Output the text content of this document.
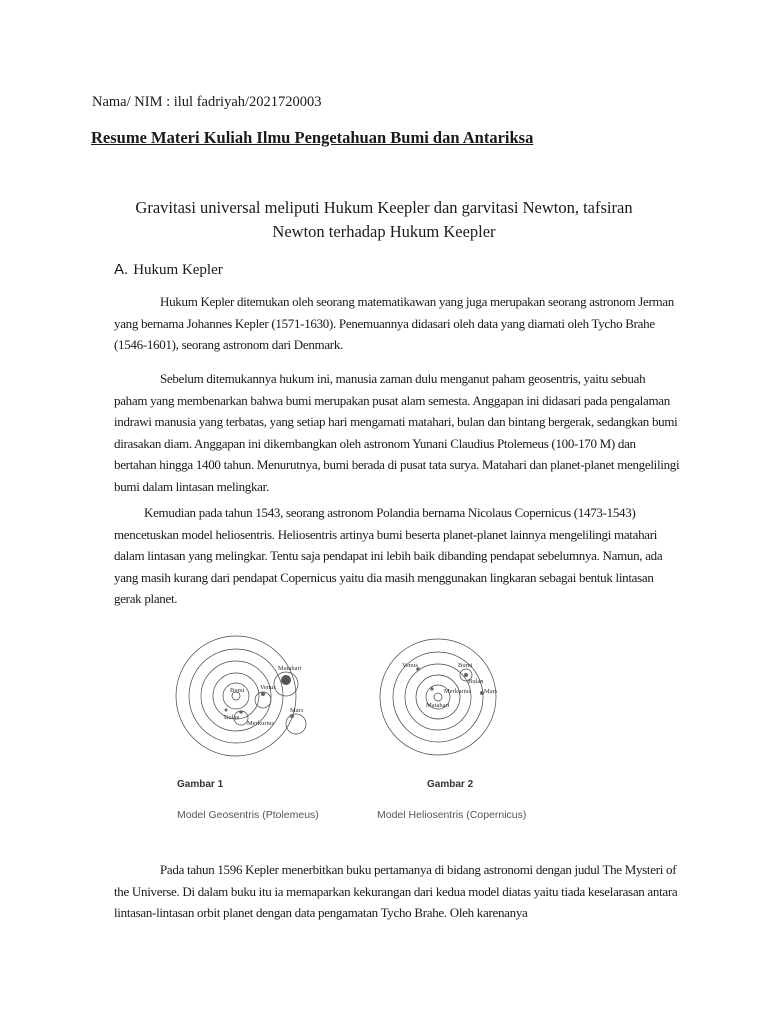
Nama/ NIM : ilul fadriyah/2021720003
Resume Materi Kuliah Ilmu Pengetahuan Bumi dan Antariksa
Gravitasi universal meliputi Hukum Keepler dan garvitasi Newton, tafsiran
Newton terhadap Hukum Keepler
A. Hukum Kepler

Hukum Kepler ditemukan oleh seorang matematikawan yang juga merupakan seorang astronom Jerman yang bernama Johannes Kepler (1571-1630). Penemuannya didasari oleh data yang diamati oleh Tycho Brahe (1546-1601), seorang astronom dari Denmark.

Sebelum ditemukannya hukum ini, manusia zaman dulu menganut paham geosentris, yaitu sebuah paham yang membenarkan bahwa bumi merupakan pusat alam semesta. Anggapan ini didasari pada pengalaman indrawi manusia yang terbatas, yang setiap hari mengamati matahari, bulan dan bintang bergerak, sedangkan bumi dirasakan diam. Anggapan ini dikembangkan oleh astronom Yunani Claudius Ptolemeus (100-170 M) dan bertahan hingga 1400 tahun. Menurutnya, bumi berada di pusat tata surya. Matahari dan planet-planet mengelilingi bumi dalam lintasan melingkar.

Kemudian pada tahun 1543, seorang astronom Polandia bernama Nicolaus Copernicus (1473-1543) mencetuskan model heliosentris. Heliosentris artinya bumi beserta planet-planet lainnya mengelilingi matahari dalam lintasan yang melingkar. Tentu saja pendapat ini lebih baik dibanding pendapat sebelumnya. Namun, ada yang masih kurang dari pendapat Copernicus yaitu dia masih menggunakan lingkaran sebagai bentuk lintasan gerak planet.

Matahari
Bumi Venus
Bulan
Merkurius
Mars
Gambar 1
Model Geosentris (Ptolemeus)
Venus	Bumi
Bulan
Mars
Merkurius
Matahari
Gambar 2
Model Heliosentris (Copernicus)

Pada tahun 1596 Kepler menerbitkan buku pertamanya di bidang astronomi dengan judul The Mysteri of the Universe. Di dalam buku itu ia memaparkan kekurangan dari kedua model diatas yaitu tiada keselarasan antara lintasan-lintasan orbit planet dengan data pengamatan Tycho Brahe. Oleh karenanya
